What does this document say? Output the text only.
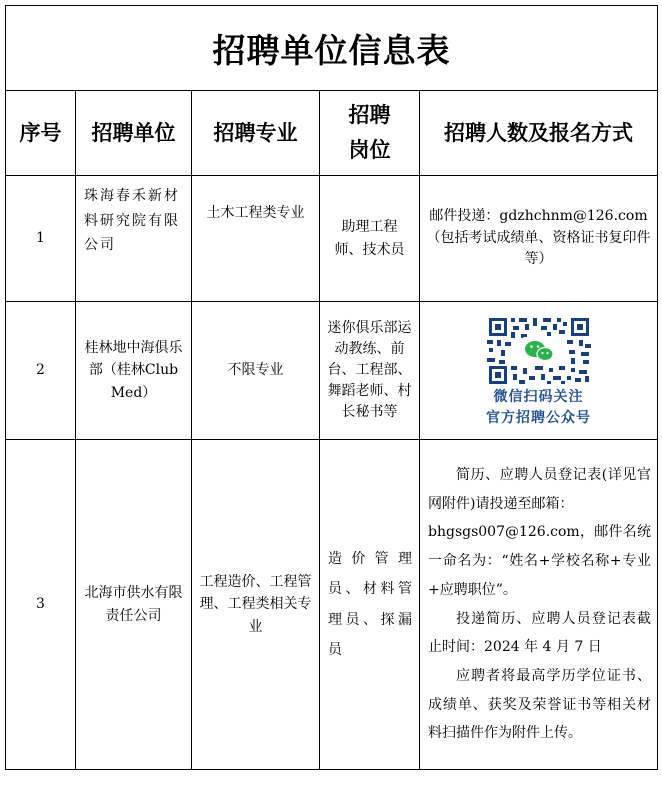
招聘单位信息表				
序号	招聘单位	招聘专业	招聘岗位	招聘人数及报名方式
1	珠海春禾新材料研究院有限公司	土木工程类专业	助理工程师、技术员	邮件投递：gdzhchnm@126.com（包括考试成绩单、资格证书复印件等）
2	桂林地中海俱乐部（桂林Club Med）	不限专业	迷你俱乐部运动教练、前台、工程部、舞蹈老师、村长秘书等	微信扫码关注
官方招聘公众号

3	北海市供水有限责任公司	工程造价、工程管理、工程类相关专业	造价管理员、材料管理员、探漏员	简历、应聘人员登记表(详见官网附件)请投递至邮箱：

bhgsgs007@126.com，邮件名统一命名为：“姓名+学校名称+专业+应聘职位”。

投递简历、应聘人员登记表截止时间：2024 年 4 月 7 日

应聘者将最高学历学位证书、成绩单、获奖及荣誉证书等相关材料扫描件作为附件上传。
